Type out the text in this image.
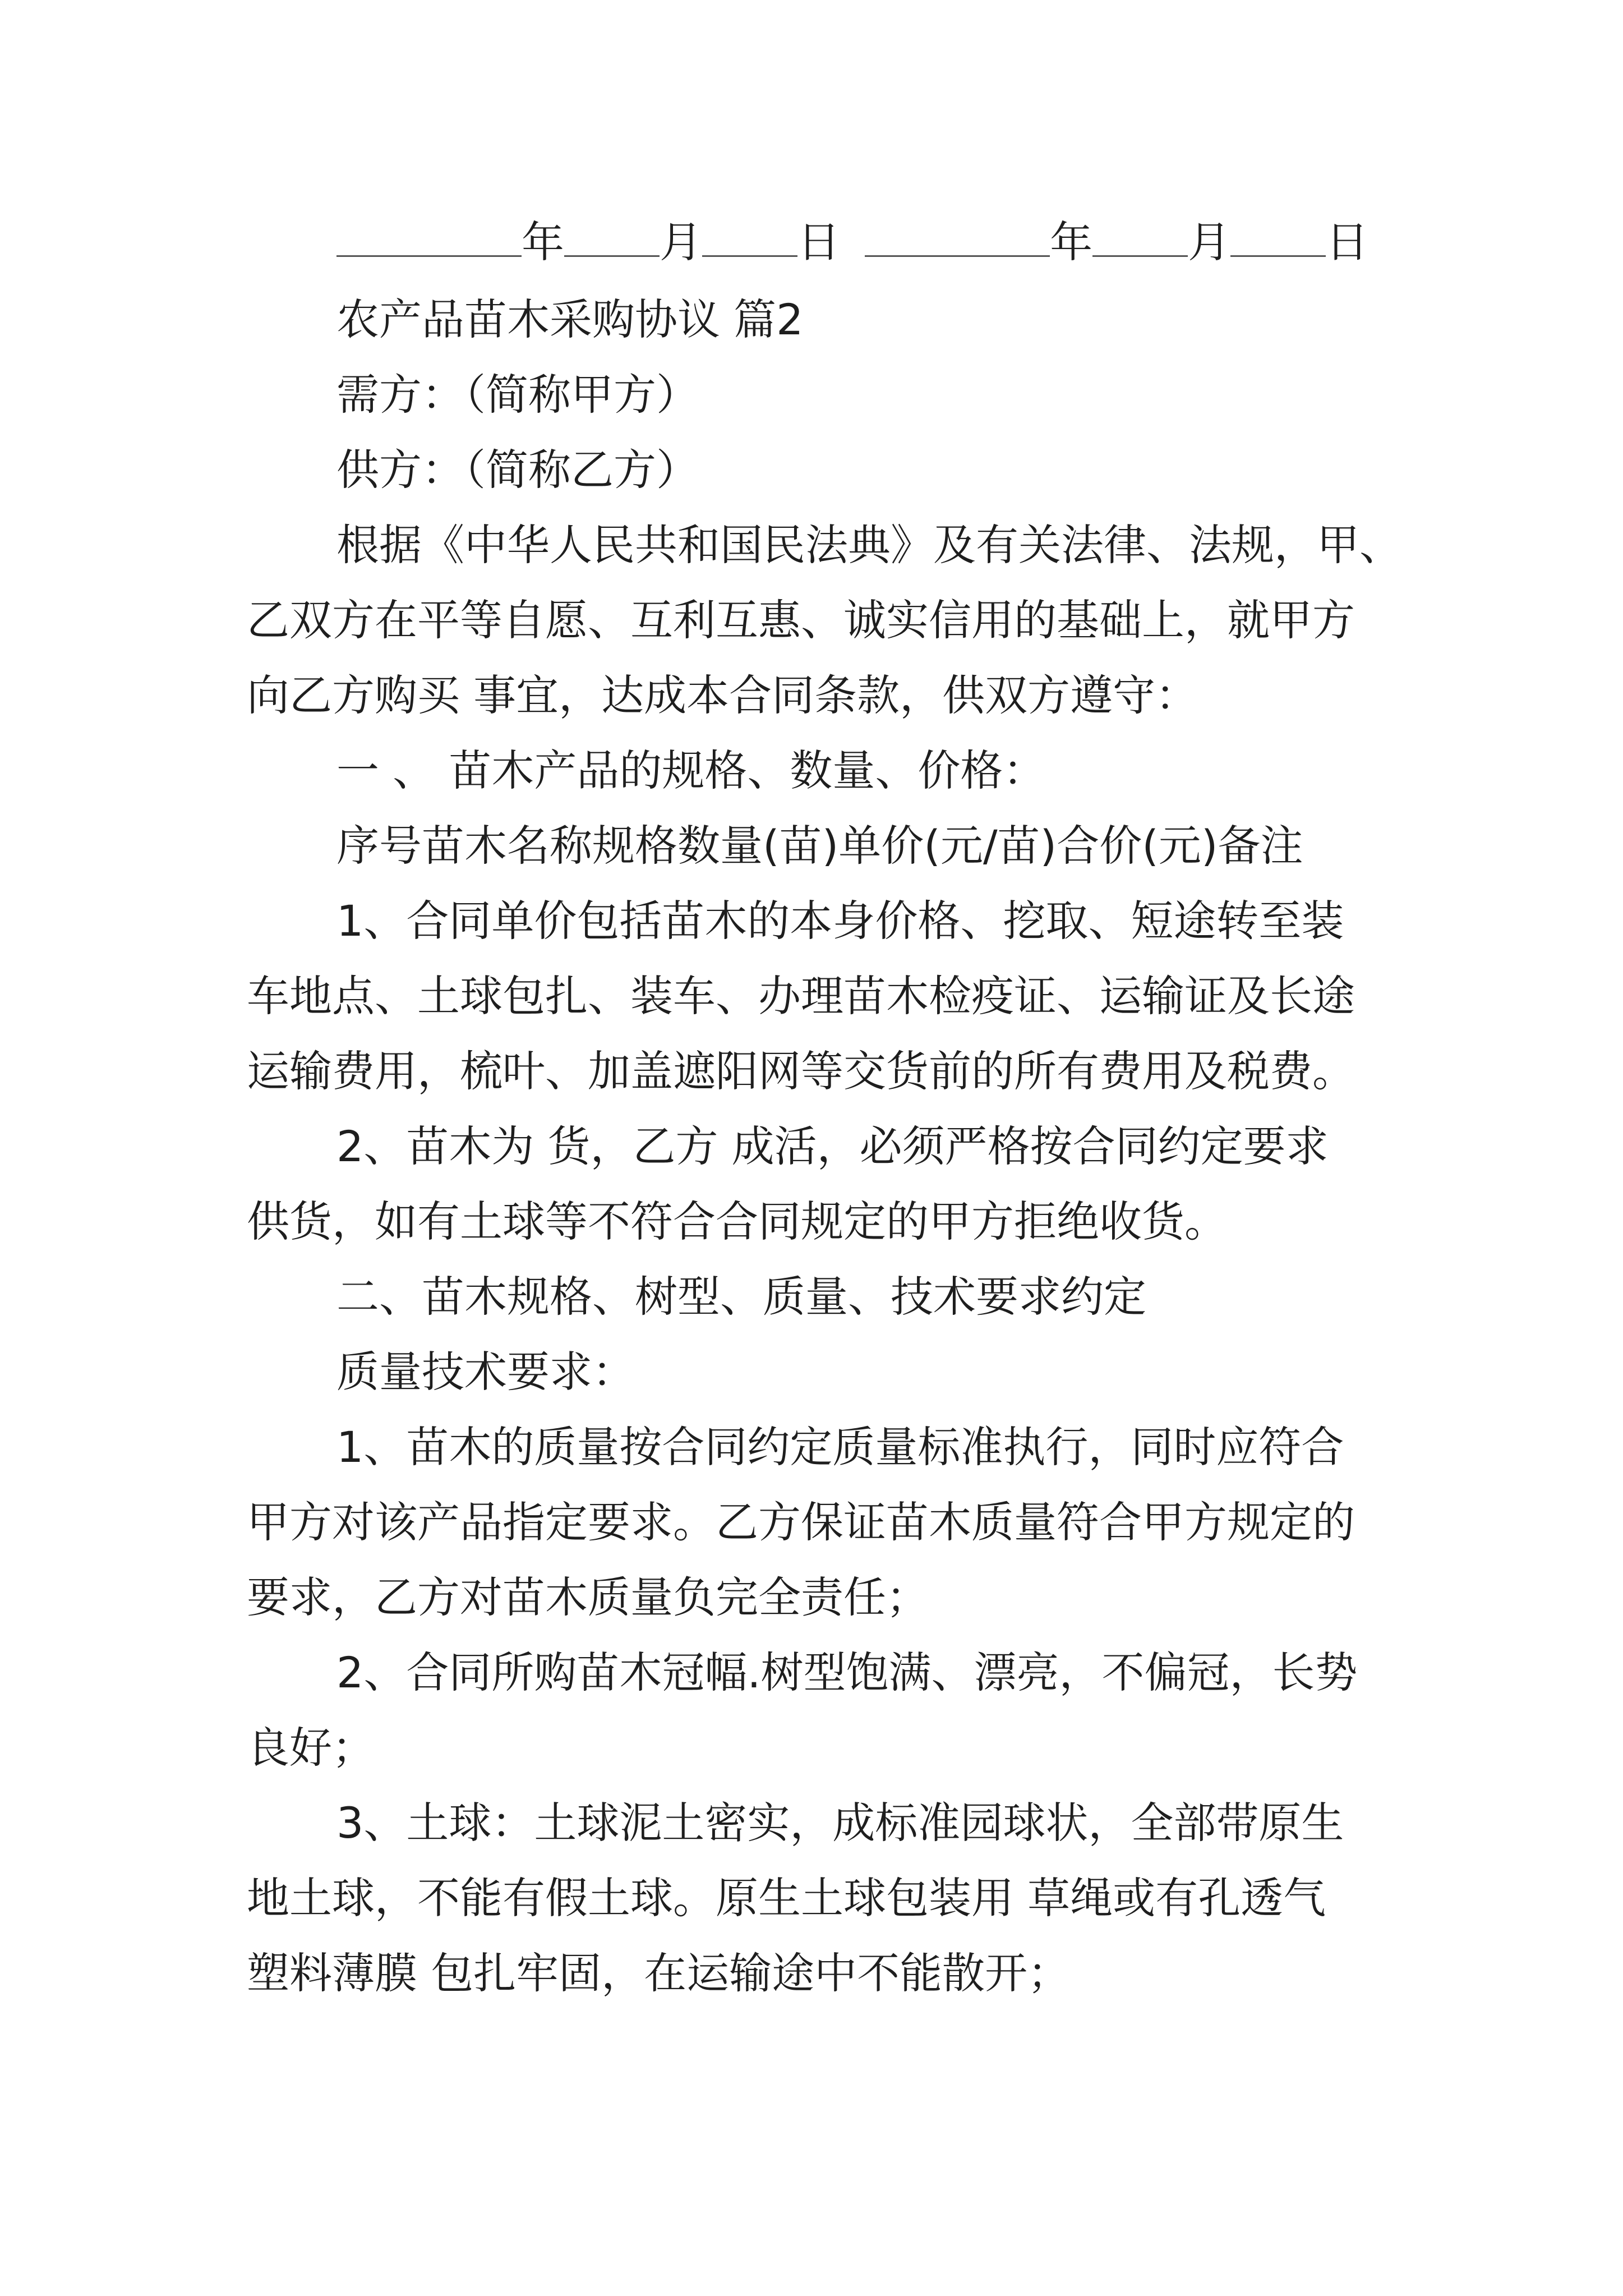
年 月 日	年 月 日

农产品苗木采购协议 篇2

需方：（简称甲方）

供方：（简称乙方）

根据《中华人民共和国民法典》及有关法律、法规，甲、

乙双方在平等自愿、互利互惠、诚实信用的基础上，就甲方

向乙方购买 事宜，达成本合同条款，供双方遵守：

一 、 苗木产品的规格、数量、价格：

序号苗木名称规格数量(苗)单价(元/苗)合价(元)备注

1、合同单价包括苗木的本身价格、挖取、短途转至装

车地点、土球包扎、装车、办理苗木检疫证、运输证及长途

运输费用，梳叶、加盖遮阳网等交货前的所有费用及税费。

2、苗木为 货，乙方 成活，必须严格按合同约定要求

供货，如有土球等不符合合同规定的甲方拒绝收货。

二、苗木规格、树型、质量、技术要求约定

质量技术要求：

1、苗木的质量按合同约定质量标准执行，同时应符合

甲方对该产品指定要求。乙方保证苗木质量符合甲方规定的

要求，乙方对苗木质量负完全责任；

2、合同所购苗木冠幅.树型饱满、漂亮，不偏冠，长势

良好；

3、土球：土球泥土密实，成标准园球状，全部带原生

地土球，不能有假土球。原生土球包装用 草绳或有孔透气

塑料薄膜 包扎牢固，在运输途中不能散开；
